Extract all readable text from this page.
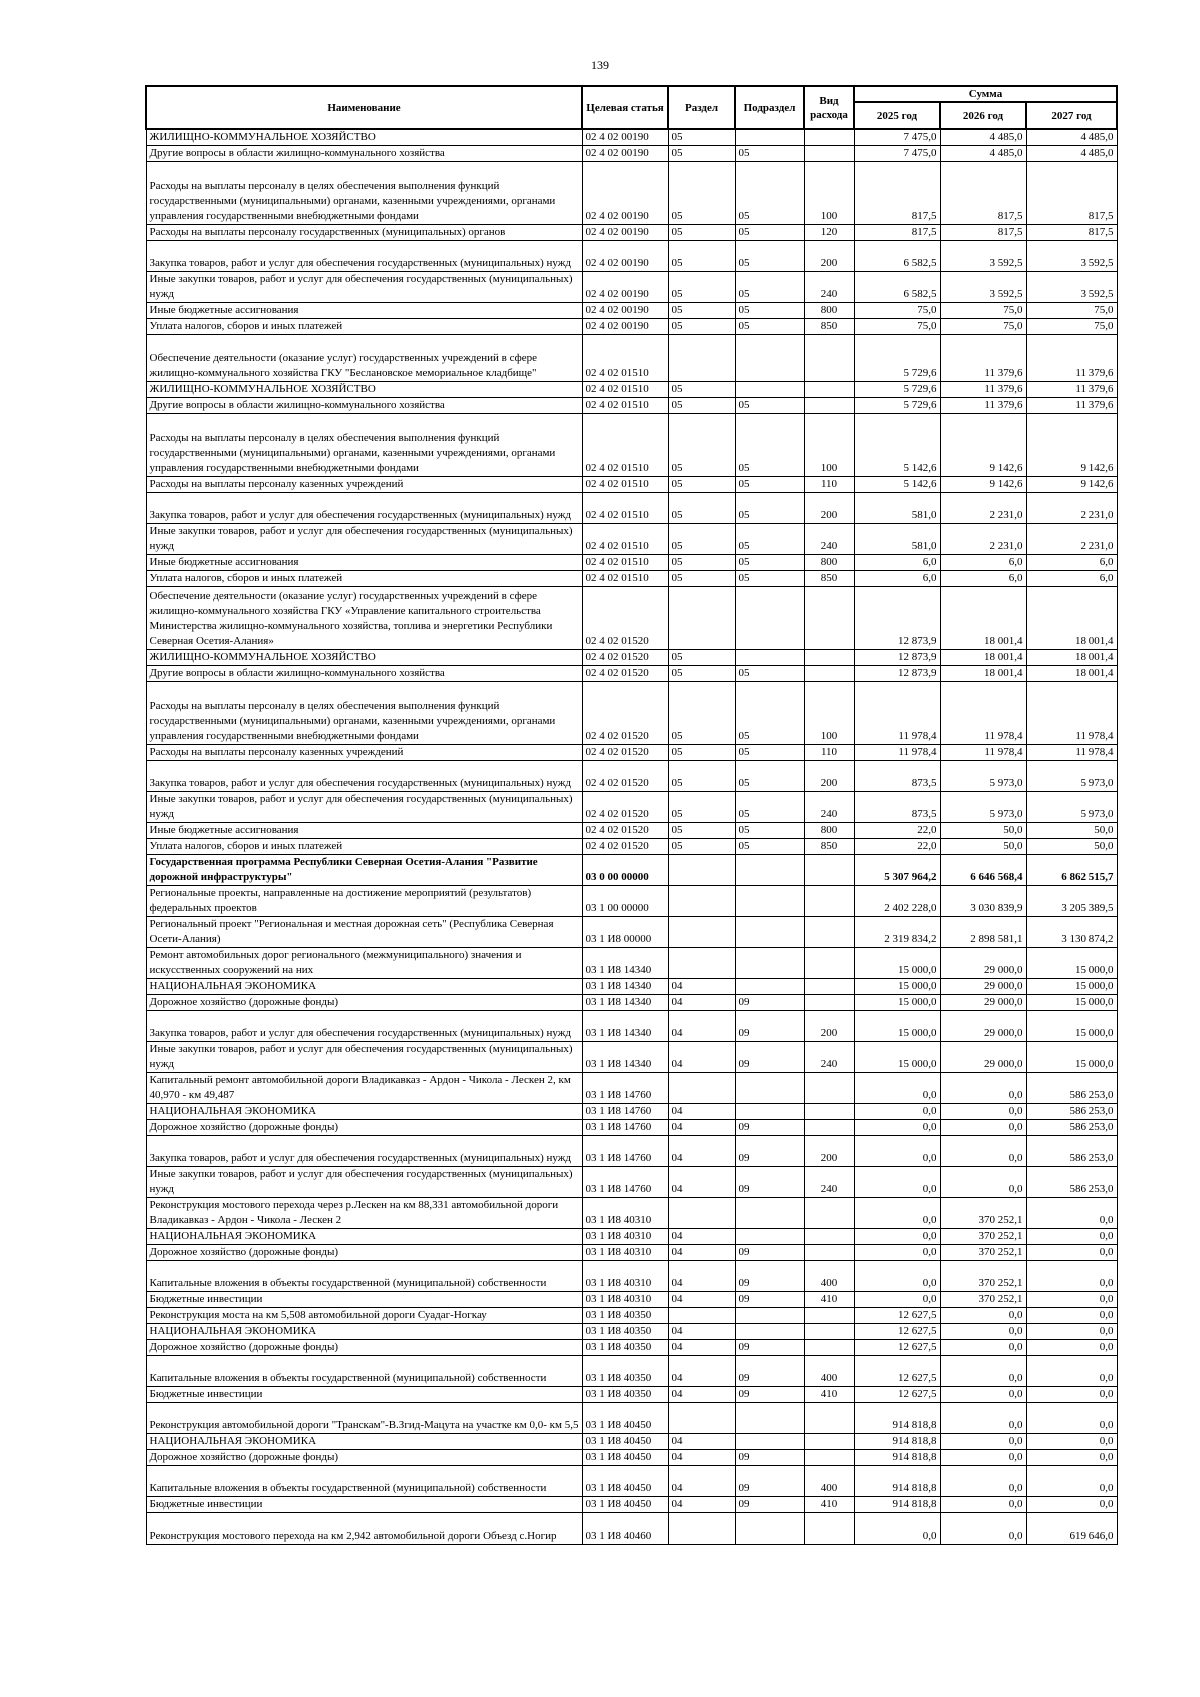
139
Наименование	Целевая статья	Раздел	Подраздел	Вид расхода	Сумма		
					2025 год	2026 год	2027 год
ЖИЛИЩНО-КОММУНАЛЬНОЕ ХОЗЯЙСТВО	02 4 02 00190	05			7 475,0	4 485,0	4 485,0
Другие вопросы в области жилищно-коммунального хозяйства	02 4 02 00190	05	05		7 475,0	4 485,0	4 485,0
Расходы на выплаты персоналу в целях обеспечения выполнения функций государственными (муниципальными) органами, казенными учреждениями, органами управления государственными внебюджетными фондами	02 4 02 00190	05	05	100	817,5	817,5	817,5
Расходы на выплаты персоналу государственных (муниципальных) органов	02 4 02 00190	05	05	120	817,5	817,5	817,5
Закупка товаров, работ и услуг для обеспечения государственных (муниципальных) нужд	02 4 02 00190	05	05	200	6 582,5	3 592,5	3 592,5
Иные закупки товаров, работ и услуг для обеспечения государственных (муниципальных) нужд	02 4 02 00190	05	05	240	6 582,5	3 592,5	3 592,5
Иные бюджетные ассигнования	02 4 02 00190	05	05	800	75,0	75,0	75,0
Уплата налогов, сборов и иных платежей	02 4 02 00190	05	05	850	75,0	75,0	75,0
Обеспечение деятельности (оказание услуг) государственных учреждений в сфере жилищно-коммунального хозяйства ГКУ "Беслановское мемориальное кладбище"	02 4 02 01510				5 729,6	11 379,6	11 379,6
ЖИЛИЩНО-КОММУНАЛЬНОЕ ХОЗЯЙСТВО	02 4 02 01510	05			5 729,6	11 379,6	11 379,6
Другие вопросы в области жилищно-коммунального хозяйства	02 4 02 01510	05	05		5 729,6	11 379,6	11 379,6
Расходы на выплаты персоналу в целях обеспечения выполнения функций государственными (муниципальными) органами, казенными учреждениями, органами управления государственными внебюджетными фондами	02 4 02 01510	05	05	100	5 142,6	9 142,6	9 142,6
Расходы на выплаты персоналу казенных учреждений	02 4 02 01510	05	05	110	5 142,6	9 142,6	9 142,6
Закупка товаров, работ и услуг для обеспечения государственных (муниципальных) нужд	02 4 02 01510	05	05	200	581,0	2 231,0	2 231,0
Иные закупки товаров, работ и услуг для обеспечения государственных (муниципальных) нужд	02 4 02 01510	05	05	240	581,0	2 231,0	2 231,0
Иные бюджетные ассигнования	02 4 02 01510	05	05	800	6,0	6,0	6,0
Уплата налогов, сборов и иных платежей	02 4 02 01510	05	05	850	6,0	6,0	6,0
Обеспечение деятельности (оказание услуг) государственных учреждений в сфере жилищно-коммунального хозяйства ГКУ «Управление капитального строительства Министерства жилищно-коммунального хозяйства, топлива и энергетики Республики Северная Осетия-Алания»	02 4 02 01520				12 873,9	18 001,4	18 001,4
ЖИЛИЩНО-КОММУНАЛЬНОЕ ХОЗЯЙСТВО	02 4 02 01520	05			12 873,9	18 001,4	18 001,4
Другие вопросы в области жилищно-коммунального хозяйства	02 4 02 01520	05	05		12 873,9	18 001,4	18 001,4
Расходы на выплаты персоналу в целях обеспечения выполнения функций государственными (муниципальными) органами, казенными учреждениями, органами управления государственными внебюджетными фондами	02 4 02 01520	05	05	100	11 978,4	11 978,4	11 978,4
Расходы на выплаты персоналу казенных учреждений	02 4 02 01520	05	05	110	11 978,4	11 978,4	11 978,4
Закупка товаров, работ и услуг для обеспечения государственных (муниципальных) нужд	02 4 02 01520	05	05	200	873,5	5 973,0	5 973,0
Иные закупки товаров, работ и услуг для обеспечения государственных (муниципальных) нужд	02 4 02 01520	05	05	240	873,5	5 973,0	5 973,0
Иные бюджетные ассигнования	02 4 02 01520	05	05	800	22,0	50,0	50,0
Уплата налогов, сборов и иных платежей	02 4 02 01520	05	05	850	22,0	50,0	50,0
Государственная программа Республики Северная Осетия-Алания "Развитие дорожной инфраструктуры"	03 0 00 00000				5 307 964,2	6 646 568,4	6 862 515,7
Региональные проекты, направленные на достижение мероприятий (результатов) федеральных проектов	03 1 00 00000				2 402 228,0	3 030 839,9	3 205 389,5
Региональный проект "Региональная и местная дорожная сеть" (Республика Северная Осети-Алания)	03 1 И8 00000				2 319 834,2	2 898 581,1	3 130 874,2
Ремонт автомобильных дорог регионального (межмуниципального) значения и искусственных сооружений на них	03 1 И8 14340				15 000,0	29 000,0	15 000,0
НАЦИОНАЛЬНАЯ ЭКОНОМИКА	03 1 И8 14340	04			15 000,0	29 000,0	15 000,0
Дорожное хозяйство (дорожные фонды)	03 1 И8 14340	04	09		15 000,0	29 000,0	15 000,0
Закупка товаров, работ и услуг для обеспечения государственных (муниципальных) нужд	03 1 И8 14340	04	09	200	15 000,0	29 000,0	15 000,0
Иные закупки товаров, работ и услуг для обеспечения государственных (муниципальных) нужд	03 1 И8 14340	04	09	240	15 000,0	29 000,0	15 000,0
Капитальный ремонт автомобильной дороги Владикавказ - Ардон - Чикола - Лескен 2, км 40,970 - км 49,487	03 1 И8 14760				0,0	0,0	586 253,0
НАЦИОНАЛЬНАЯ ЭКОНОМИКА	03 1 И8 14760	04			0,0	0,0	586 253,0
Дорожное хозяйство (дорожные фонды)	03 1 И8 14760	04	09		0,0	0,0	586 253,0
Закупка товаров, работ и услуг для обеспечения государственных (муниципальных) нужд	03 1 И8 14760	04	09	200	0,0	0,0	586 253,0
Иные закупки товаров, работ и услуг для обеспечения государственных (муниципальных) нужд	03 1 И8 14760	04	09	240	0,0	0,0	586 253,0
Реконструкция мостового перехода через р.Лескен на км 88,331 автомобильной дороги Владикавказ - Ардон - Чикола - Лескен 2	03 1 И8 40310				0,0	370 252,1	0,0
НАЦИОНАЛЬНАЯ ЭКОНОМИКА	03 1 И8 40310	04			0,0	370 252,1	0,0
Дорожное хозяйство (дорожные фонды)	03 1 И8 40310	04	09		0,0	370 252,1	0,0
Капитальные вложения в объекты государственной (муниципальной) собственности	03 1 И8 40310	04	09	400	0,0	370 252,1	0,0
Бюджетные инвестиции	03 1 И8 40310	04	09	410	0,0	370 252,1	0,0
Реконструкция моста на км 5,508 автомобильной дороги Суадаг-Ногкау	03 1 И8 40350				12 627,5	0,0	0,0
НАЦИОНАЛЬНАЯ ЭКОНОМИКА	03 1 И8 40350	04			12 627,5	0,0	0,0
Дорожное хозяйство (дорожные фонды)	03 1 И8 40350	04	09		12 627,5	0,0	0,0
Капитальные вложения в объекты государственной (муниципальной) собственности	03 1 И8 40350	04	09	400	12 627,5	0,0	0,0
Бюджетные инвестиции	03 1 И8 40350	04	09	410	12 627,5	0,0	0,0
Реконструкция автомобильной дороги "Транскам"-В.Згид-Мацута на участке км 0,0- км 5,5	03 1 И8 40450				914 818,8	0,0	0,0
НАЦИОНАЛЬНАЯ ЭКОНОМИКА	03 1 И8 40450	04			914 818,8	0,0	0,0
Дорожное хозяйство (дорожные фонды)	03 1 И8 40450	04	09		914 818,8	0,0	0,0
Капитальные вложения в объекты государственной (муниципальной) собственности	03 1 И8 40450	04	09	400	914 818,8	0,0	0,0
Бюджетные инвестиции	03 1 И8 40450	04	09	410	914 818,8	0,0	0,0
Реконструкция мостового перехода на км 2,942 автомобильной дороги Объезд с.Ногир	03 1 И8 40460				0,0	0,0	619 646,0
